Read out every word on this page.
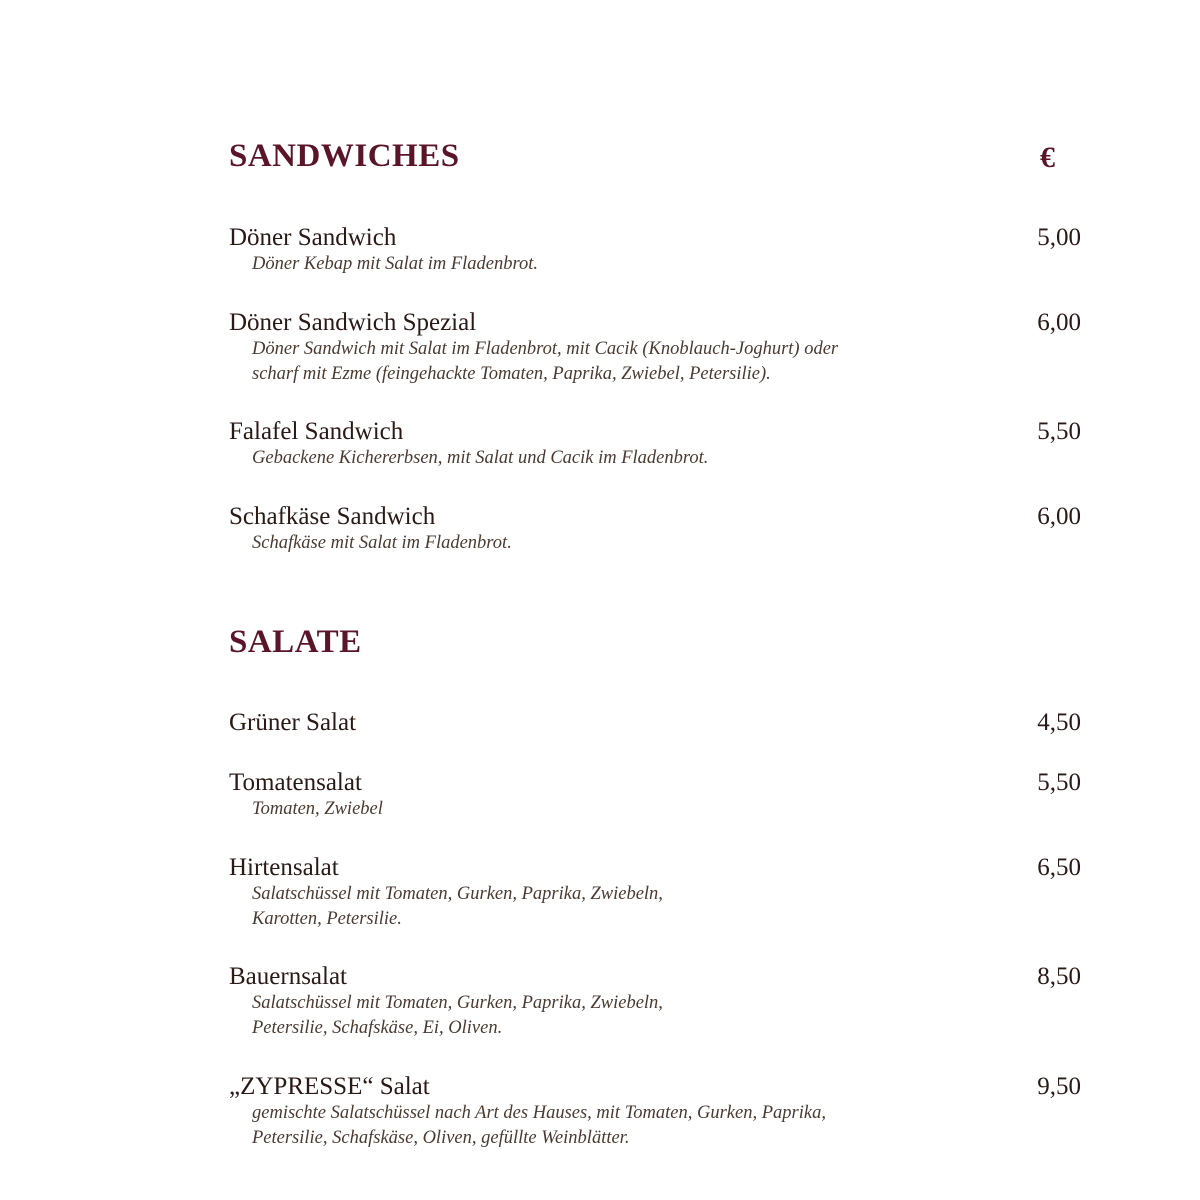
SANDWICHES	€
Döner Sandwich	5,00

Döner Kebap mit Salat im Fladenbrot.

Döner Sandwich Spezial	6,00

Döner Sandwich mit Salat im Fladenbrot, mit Cacik (Knoblauch-Joghurt) oder

scharf mit Ezme (feingehackte Tomaten, Paprika, Zwiebel, Petersilie).

Falafel Sandwich	5,50

Gebackene Kichererbsen, mit Salat und Cacik im Fladenbrot.

Schafkäse Sandwich	6,00

Schafkäse mit Salat im Fladenbrot.

SALATE
Grüner Salat	4,50
Tomatensalat	5,50

Tomaten, Zwiebel

Hirtensalat	6,50

Salatschüssel mit Tomaten, Gurken, Paprika, Zwiebeln,

Karotten, Petersilie.

Bauernsalat	8,50

Salatschüssel mit Tomaten, Gurken, Paprika, Zwiebeln,

Petersilie, Schafskäse, Ei, Oliven.

„ZYPRESSE“ Salat	9,50

gemischte Salatschüssel nach Art des Hauses, mit Tomaten, Gurken, Paprika,

Petersilie, Schafskäse, Oliven, gefüllte Weinblätter.
